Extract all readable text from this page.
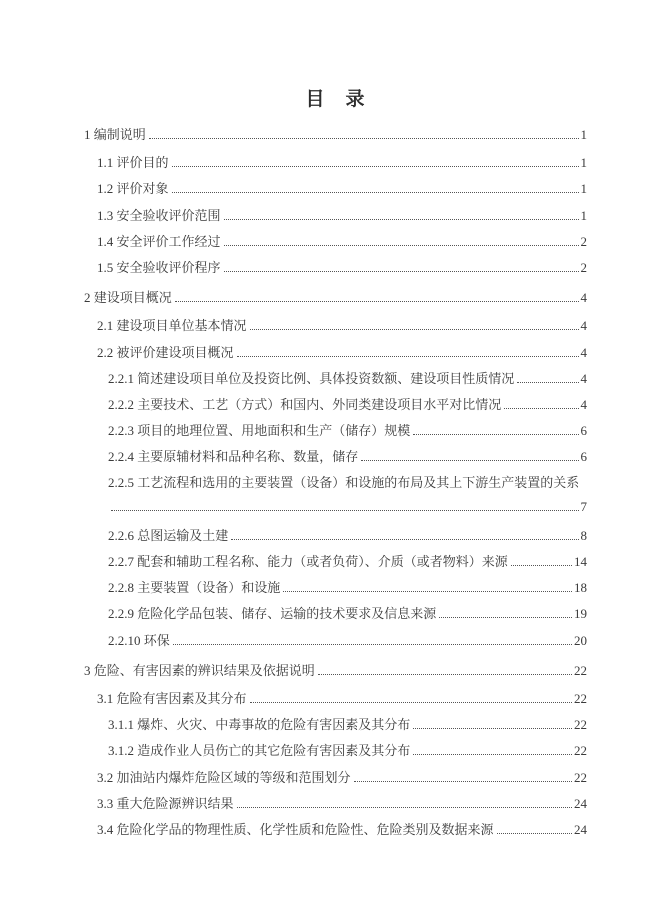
目　录
1 编制说明	1
1.1 评价目的	1
1.2 评价对象	1
1.3 安全验收评价范围	1
1.4 安全评价工作经过	2
1.5 安全验收评价程序	2
2 建设项目概况	4
2.1 建设项目单位基本情况	4
2.2 被评价建设项目概况	4
2.2.1 简述建设项目单位及投资比例、具体投资数额、建设项目性质情况	4
2.2.2 主要技术、工艺（方式）和国内、外同类建设项目水平对比情况	4
2.2.3 项目的地理位置、用地面积和生产（储存）规模	6
2.2.4 主要原辅材料和品种名称、数量，储存	6
2.2.5 工艺流程和选用的主要装置（设备）和设施的布局及其上下游生产装置的关系
7
2.2.6 总图运输及土建	8
2.2.7 配套和辅助工程名称、能力（或者负荷）、介质（或者物料）来源	14
2.2.8 主要装置（设备）和设施	18
2.2.9 危险化学品包装、储存、运输的技术要求及信息来源	19
2.2.10 环保	20
3 危险、有害因素的辨识结果及依据说明	22
3.1 危险有害因素及其分布	22
3.1.1 爆炸、火灾、中毒事故的危险有害因素及其分布	22
3.1.2 造成作业人员伤亡的其它危险有害因素及其分布	22
3.2 加油站内爆炸危险区域的等级和范围划分	22
3.3 重大危险源辨识结果	24
3.4 危险化学品的物理性质、化学性质和危险性、危险类别及数据来源	24
